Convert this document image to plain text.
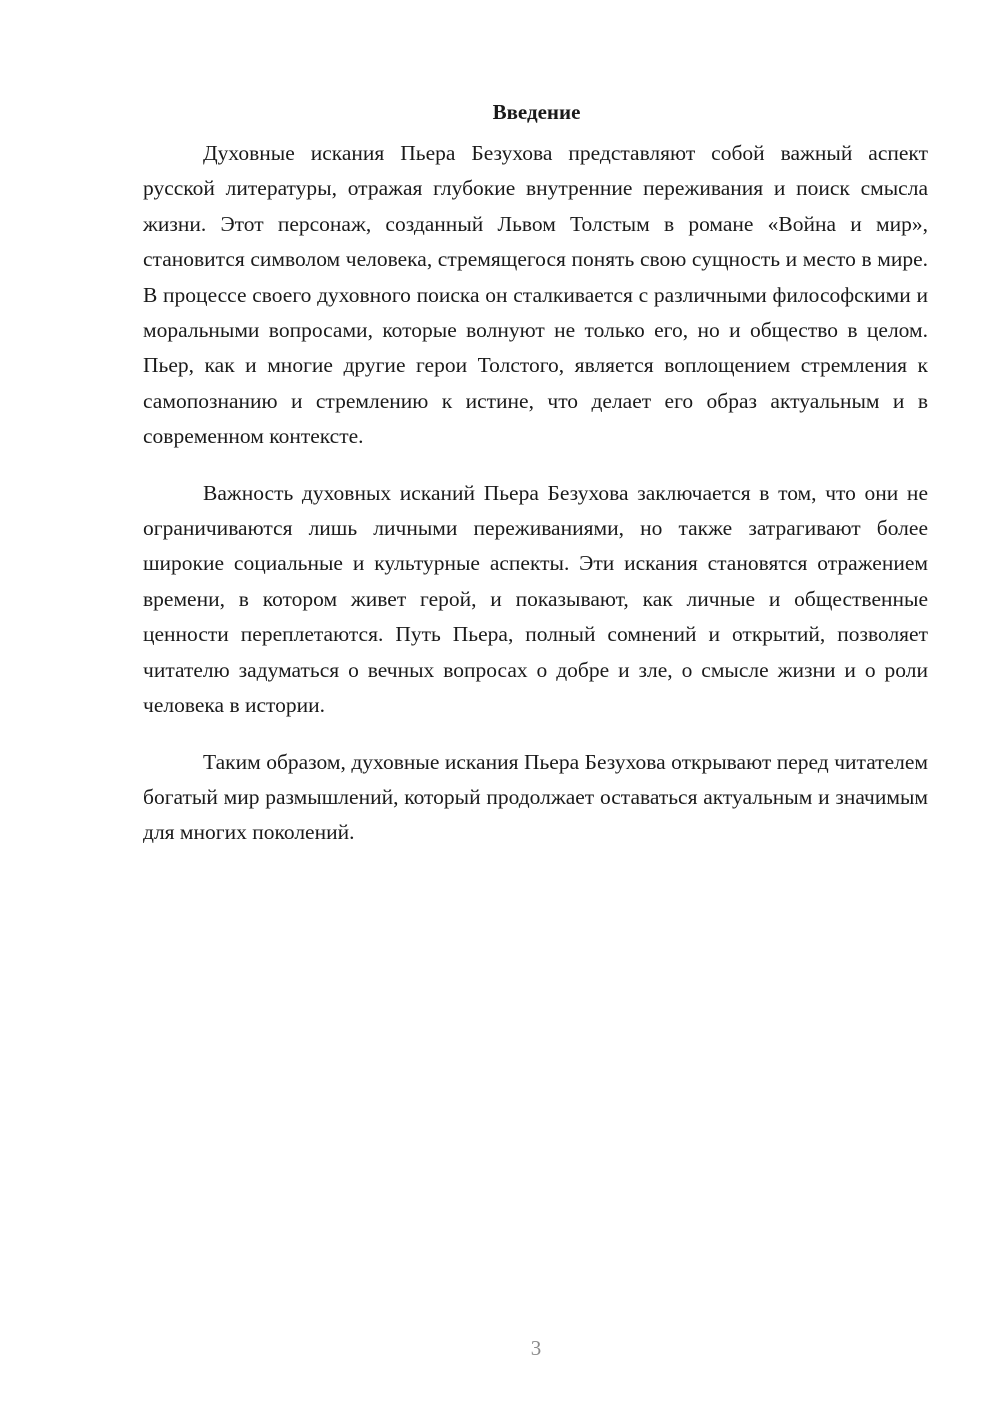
Введение

Духовные искания Пьера Безухова представляют собой важный аспект русской литературы, отражая глубокие внутренние переживания и поиск смысла жизни. Этот персонаж, созданный Львом Толстым в романе «Война и мир», становится символом человека, стремящегося понять свою сущность и место в мире. В процессе своего духовного поиска он сталкивается с различными философскими и моральными вопросами, которые волнуют не только его, но и общество в целом. Пьер, как и многие другие герои Толстого, является воплощением стремления к самопознанию и стремлению к истине, что делает его образ актуальным и в современном контексте.

Важность духовных исканий Пьера Безухова заключается в том, что они не ограничиваются лишь личными переживаниями, но также затрагивают более широкие социальные и культурные аспекты. Эти искания становятся отражением времени, в котором живет герой, и показывают, как личные и общественные ценности переплетаются. Путь Пьера, полный сомнений и открытий, позволяет читателю задуматься о вечных вопросах о добре и зле, о смысле жизни и о роли человека в истории.

Таким образом, духовные искания Пьера Безухова открывают перед читателем богатый мир размышлений, который продолжает оставаться актуальным и значимым для многих поколений.

3
